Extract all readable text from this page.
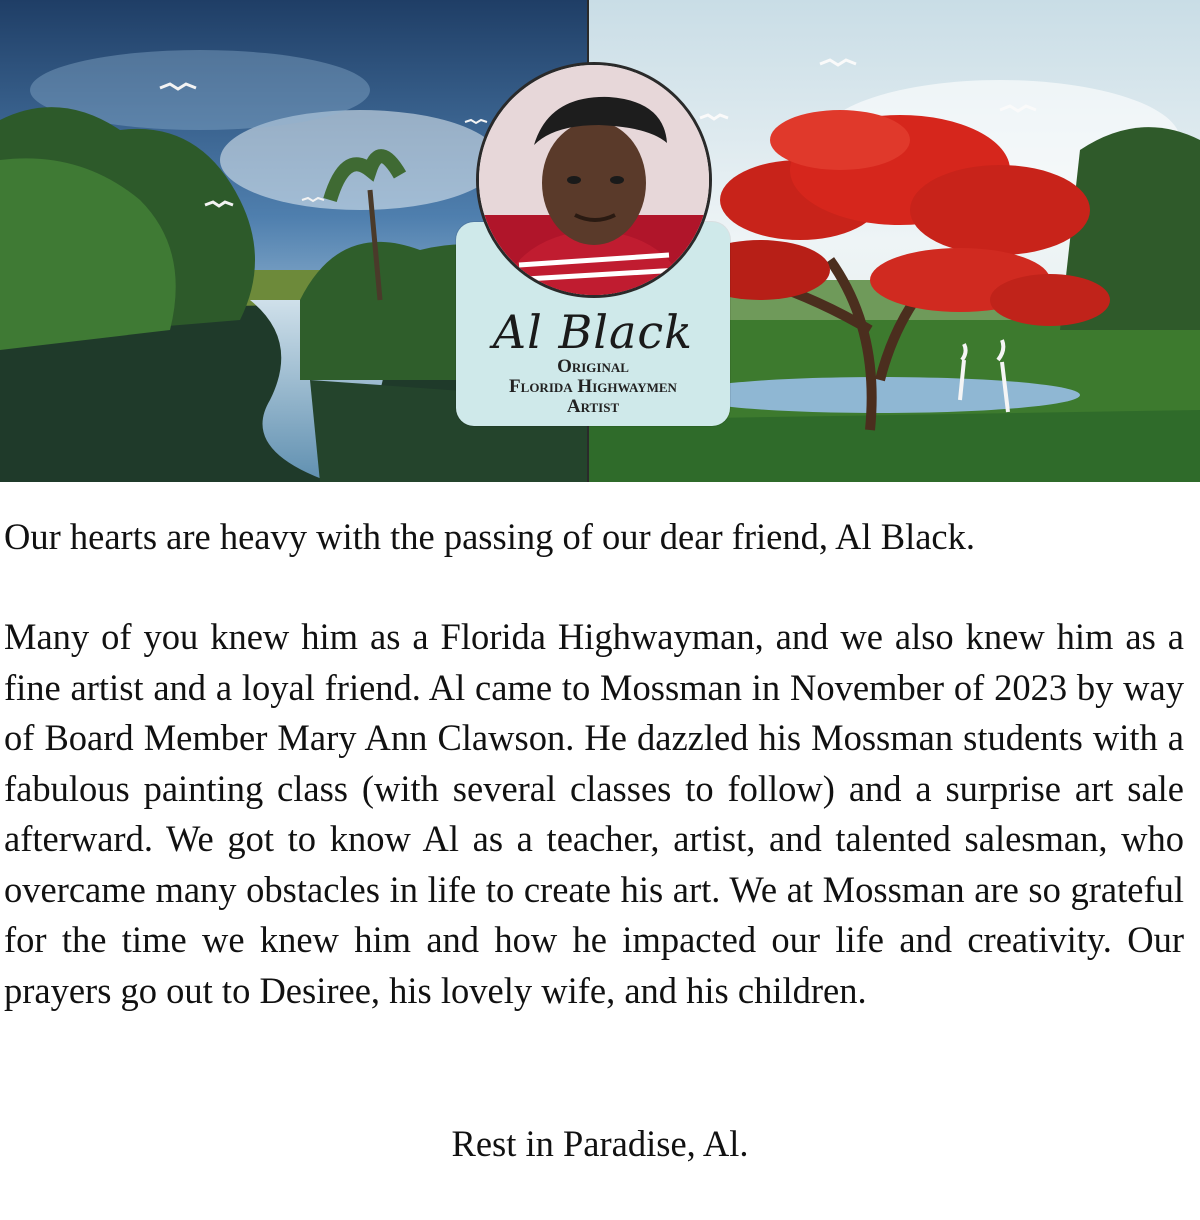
Al Black
Original
Florida Highwaymen
Artist

Our hearts are heavy with the passing of our dear friend, Al Black.

Many of you knew him as a Florida Highwayman, and we also knew him as a fine artist and a loyal friend. Al came to Mossman in November of 2023 by way of Board Member Mary Ann Clawson. He dazzled his Mossman students with a fabulous painting class (with several classes to follow) and a surprise art sale afterward. We got to know Al as a teacher, artist, and talented salesman, who overcame many obstacles in life to create his art. We at Mossman are so grateful for the time we knew him and how he impacted our life and creativity. Our prayers go out to Desiree, his lovely wife, and his children.

Rest in Paradise, Al.
